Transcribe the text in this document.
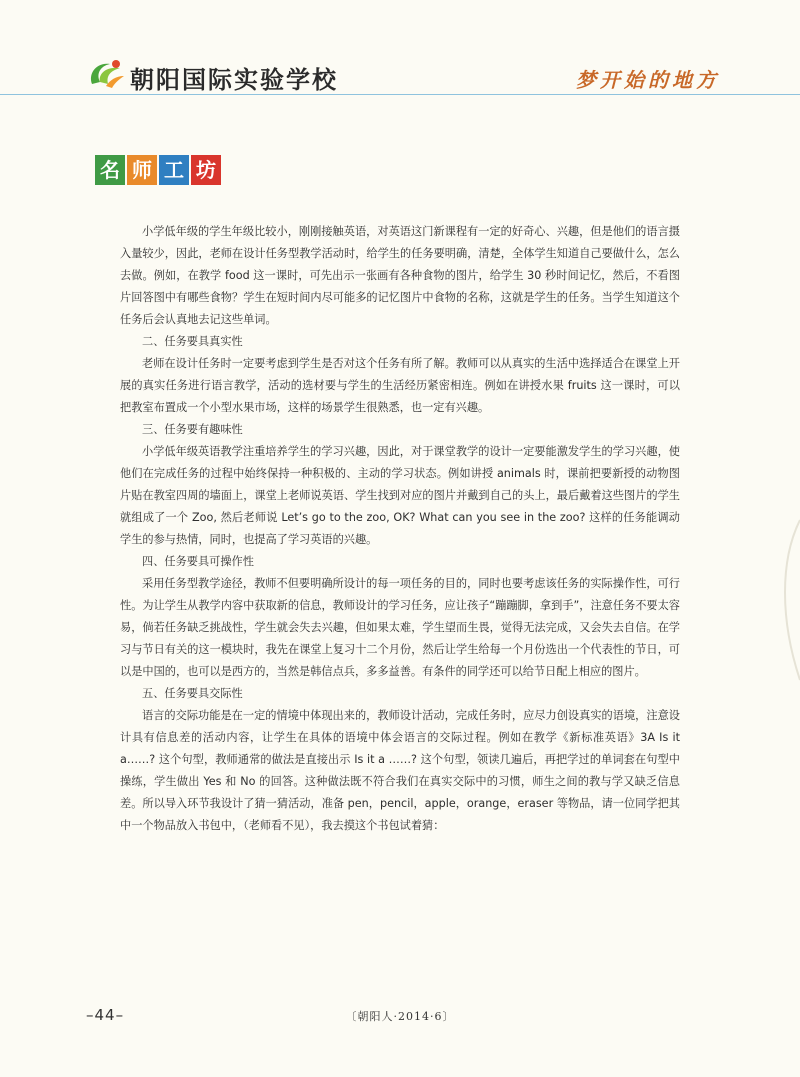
朝阳国际实验学校	梦开始的地方
名 师 工 坊

小学低年级的学生年级比较小，刚刚接触英语，对英语这门新课程有一定的好奇心、兴趣，但是他们的语言摄入量较少，因此，老师在设计任务型教学活动时，给学生的任务要明确，清楚，全体学生知道自己要做什么，怎么去做。例如，在教学 food 这一课时，可先出示一张画有各种食物的图片，给学生 30 秒时间记忆，然后，不看图片回答图中有哪些食物？学生在短时间内尽可能多的记忆图片中食物的名称，这就是学生的任务。当学生知道这个任务后会认真地去记这些单词。

二、任务要具真实性

老师在设计任务时一定要考虑到学生是否对这个任务有所了解。教师可以从真实的生活中选择适合在课堂上开展的真实任务进行语言教学，活动的选材要与学生的生活经历紧密相连。例如在讲授水果 fruits 这一课时，可以把教室布置成一个小型水果市场，这样的场景学生很熟悉，也一定有兴趣。

三、任务要有趣味性

小学低年级英语教学注重培养学生的学习兴趣，因此，对于课堂教学的设计一定要能激发学生的学习兴趣，使他们在完成任务的过程中始终保持一种积极的、主动的学习状态。例如讲授 animals 时，课前把要新授的动物图片贴在教室四周的墙面上，课堂上老师说英语、学生找到对应的图片并戴到自己的头上，最后戴着这些图片的学生就组成了一个 Zoo, 然后老师说 Let’s go to the zoo, OK? What can you see in the zoo? 这样的任务能调动学生的参与热情，同时，也提高了学习英语的兴趣。

四、任务要具可操作性

采用任务型教学途径，教师不但要明确所设计的每一项任务的目的，同时也要考虑该任务的实际操作性，可行性。为让学生从教学内容中获取新的信息，教师设计的学习任务，应让孩子“蹦蹦脚，拿到手”，注意任务不要太容易，倘若任务缺乏挑战性，学生就会失去兴趣，但如果太难，学生望而生畏，觉得无法完成，又会失去自信。在学习与节日有关的这一模块时，我先在课堂上复习十二个月份，然后让学生给每一个月份选出一个代表性的节日，可以是中国的，也可以是西方的，当然是韩信点兵，多多益善。有条件的同学还可以给节日配上相应的图片。

五、任务要具交际性

语言的交际功能是在一定的情境中体现出来的，教师设计活动，完成任务时，应尽力创设真实的语境，注意设计具有信息差的活动内容，让学生在具体的语境中体会语言的交际过程。例如在教学《新标准英语》3A Is it a……? 这个句型，教师通常的做法是直接出示 Is it a ……? 这个句型，领读几遍后，再把学过的单词套在句型中操练，学生做出 Yes 和 No 的回答。这种做法既不符合我们在真实交际中的习惯，师生之间的教与学又缺乏信息差。所以导入环节我设计了猜一猜活动，准备 pen，pencil，apple，orange，eraser 等物品，请一位同学把其中一个物品放入书包中，（老师看不见），我去摸这个书包试着猜：

–44–	〔朝阳人·2014·6〕
